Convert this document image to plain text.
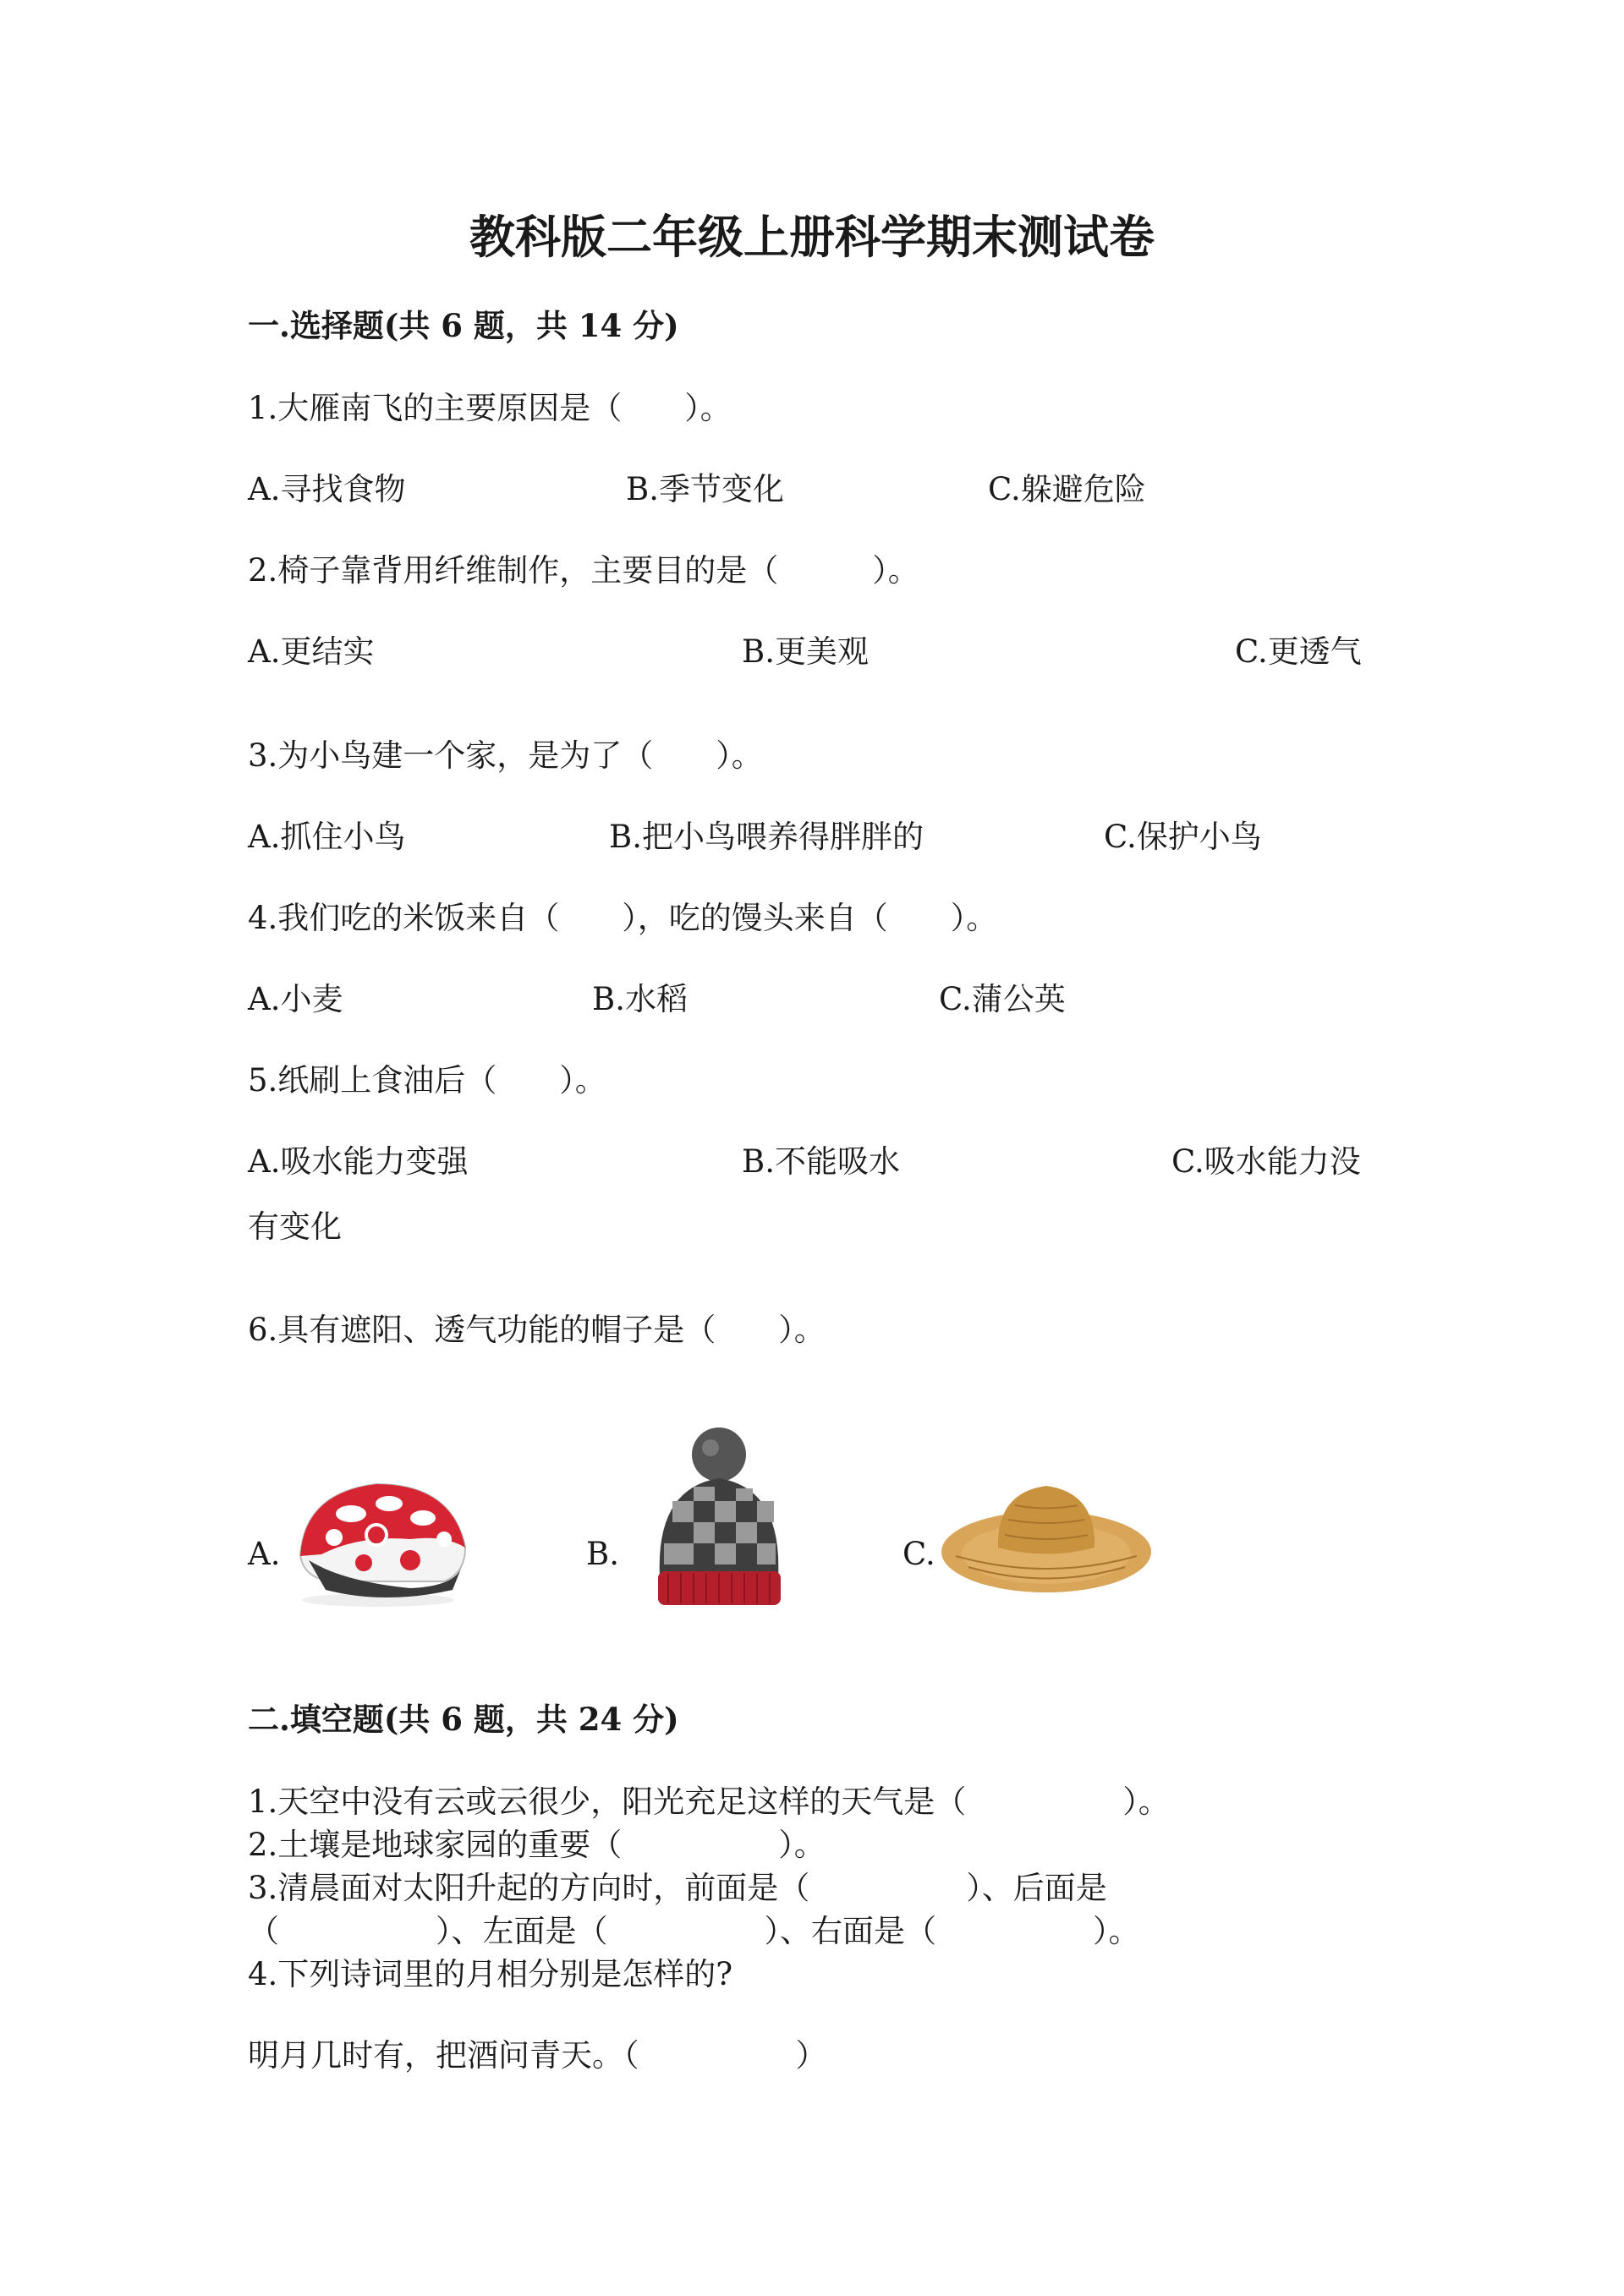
教科版二年级上册科学期末测试卷
一.选择题(共 6 题，共 14 分)
1.大雁南飞的主要原因是（　　）。
A.寻找食物	B.季节变化	C.躲避危险
2.椅子靠背用纤维制作，主要目的是（　　　）。
A.更结实	B.更美观	C.更透气
3.为小鸟建一个家，是为了（　　）。
A.抓住小鸟	B.把小鸟喂养得胖胖的	C.保护小鸟
4.我们吃的米饭来自（　　），吃的馒头来自（　　）。
A.小麦	B.水稻	C.蒲公英
5.纸刷上食油后（　　）。
A.吸水能力变强	B.不能吸水	C.吸水能力没
有变化
6.具有遮阳、透气功能的帽子是（　　）。
A.	B.	C.
二.填空题(共 6 题，共 24 分)
1.天空中没有云或云很少，阳光充足这样的天气是（　　　　　）。
2.土壤是地球家园的重要（　　　　　）。
3.清晨面对太阳升起的方向时，前面是（　　　　　）、后面是
（　　　　　）、左面是（　　　　　）、右面是（　　　　　）。
4.下列诗词里的月相分别是怎样的?
明月几时有，把酒问青天。（　　　　　）
